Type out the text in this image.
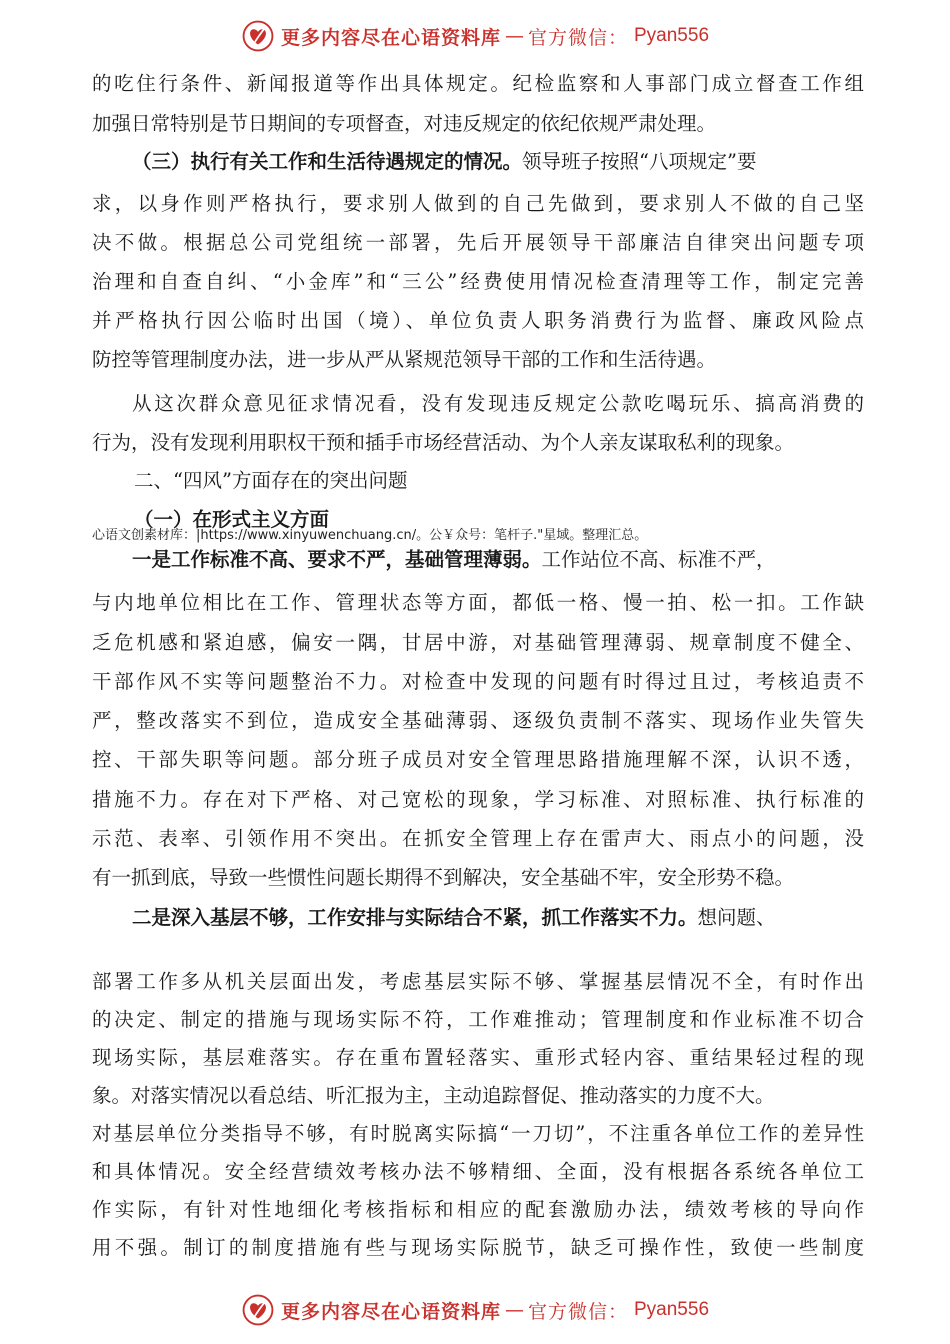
更多内容尽在心语资料库 — 官方微信： Pyan556
的吃住行条件、新闻报道等作出具体规定。纪检监察和人事部门成立督查工作组
加强日常特别是节日期间的专项督查，对违反规定的依纪依规严肃处理。
（三）执行有关工作和生活待遇规定的情况。领导班子按照“八项规定”要
求，以身作则严格执行，要求别人做到的自己先做到，要求别人不做的自己坚
决不做。根据总公司党组统一部署，先后开展领导干部廉洁自律突出问题专项
治理和自查自纠、“小金库”和“三公”经费使用情况检查清理等工作，制定完善
并严格执行因公临时出国（境）、单位负责人职务消费行为监督、廉政风险点
防控等管理制度办法，进一步从严从紧规范领导干部的工作和生活待遇。
从这次群众意见征求情况看，没有发现违反规定公款吃喝玩乐、搞高消费的
行为，没有发现利用职权干预和插手市场经营活动、为个人亲友谋取私利的现象。
二、“四风”方面存在的突出问题
（一）在形式主义方面
心语文创素材库：|https://www.xinyuwenchuang.cn/。公￥众号：笔杆子."星域。整理汇总。
一是工作标准不高、要求不严，基础管理薄弱。工作站位不高、标准不严，
与内地单位相比在工作、管理状态等方面，都低一格、慢一拍、松一扣。工作缺
乏危机感和紧迫感，偏安一隅，甘居中游，对基础管理薄弱、规章制度不健全、
干部作风不实等问题整治不力。对检查中发现的问题有时得过且过，考核追责不
严，整改落实不到位，造成安全基础薄弱、逐级负责制不落实、现场作业失管失
控、干部失职等问题。部分班子成员对安全管理思路措施理解不深，认识不透，
措施不力。存在对下严格、对己宽松的现象，学习标准、对照标准、执行标准的
示范、表率、引领作用不突出。在抓安全管理上存在雷声大、雨点小的问题，没
有一抓到底，导致一些惯性问题长期得不到解决，安全基础不牢，安全形势不稳。
二是深入基层不够，工作安排与实际结合不紧，抓工作落实不力。想问题、
部署工作多从机关层面出发，考虑基层实际不够、掌握基层情况不全，有时作出
的决定、制定的措施与现场实际不符，工作难推动；管理制度和作业标准不切合
现场实际，基层难落实。存在重布置轻落实、重形式轻内容、重结果轻过程的现
象。对落实情况以看总结、听汇报为主，主动追踪督促、推动落实的力度不大。
对基层单位分类指导不够，有时脱离实际搞“一刀切”，不注重各单位工作的差异性
和具体情况。安全经营绩效考核办法不够精细、全面，没有根据各系统各单位工
作实际，有针对性地细化考核指标和相应的配套激励办法，绩效考核的导向作
用不强。制订的制度措施有些与现场实际脱节，缺乏可操作性，致使一些制度
更多内容尽在心语资料库 — 官方微信： Pyan556
